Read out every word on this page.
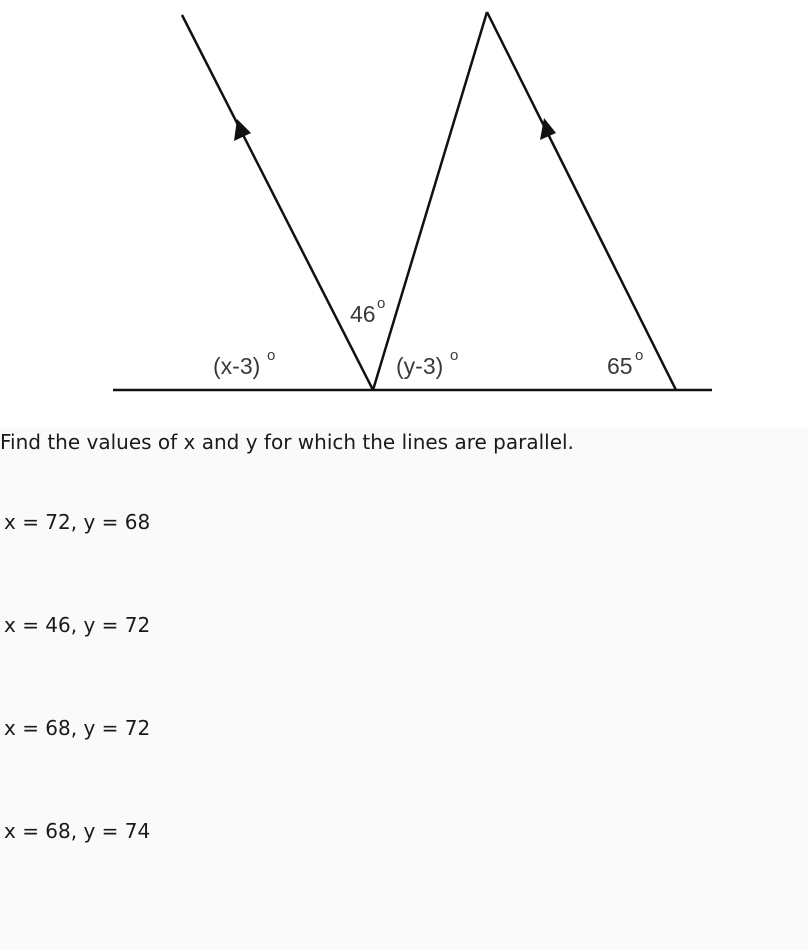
(x-3) o
46 o
(y-3) o	65 o

Find the values of x and y for which the lines are parallel.

x = 72, y = 68
x = 46, y = 72
x = 68, y = 72
x = 68, y = 74
